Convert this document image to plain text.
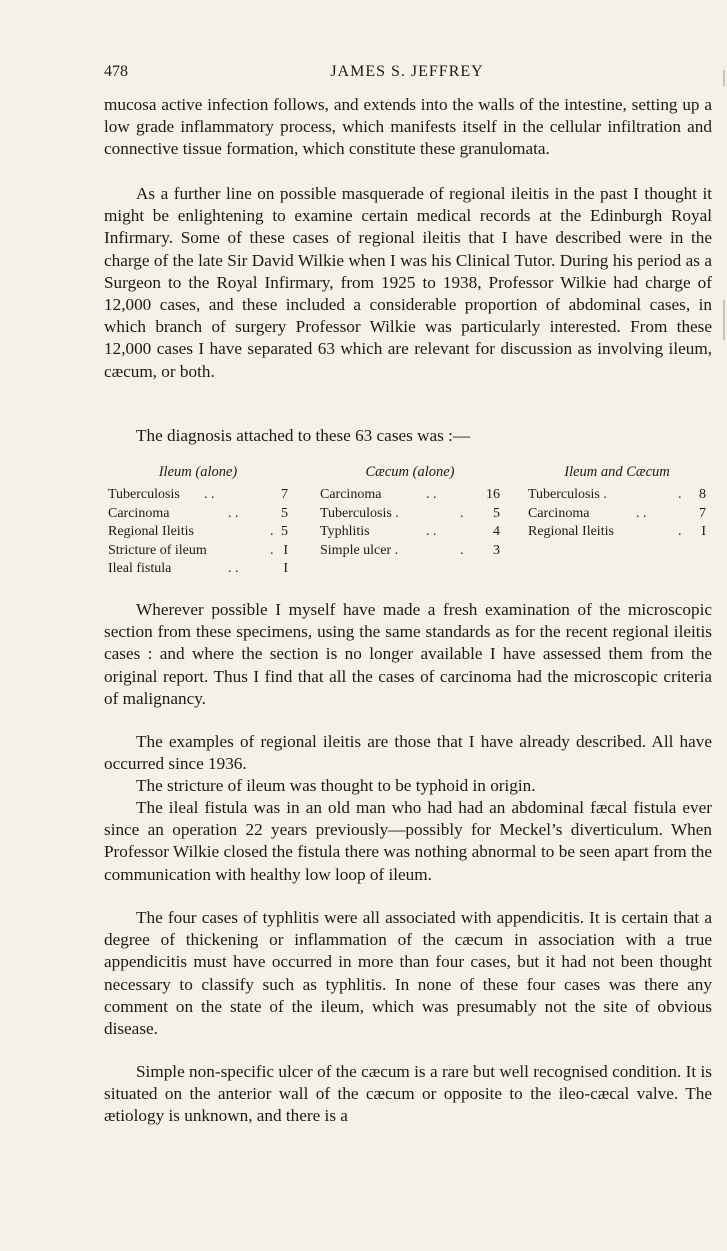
478	JAMES S. JEFFREY

mucosa active infection follows, and extends into the walls of the intestine, setting up a low grade inflammatory process, which manifests itself in the cellular infiltration and connective tissue formation, which constitute these granulomata.

As a further line on possible masquerade of regional ileitis in the past I thought it might be enlightening to examine certain medical records at the Edinburgh Royal Infirmary. Some of these cases of regional ileitis that I have described were in the charge of the late Sir David Wilkie when I was his Clinical Tutor. During his period as a Surgeon to the Royal Infirmary, from 1925 to 1938, Professor Wilkie had charge of 12,000 cases, and these included a considerable proportion of abdominal cases, in which branch of surgery Professor Wilkie was particularly interested. From these 12,000 cases I have separated 63 which are relevant for discussion as involving ileum, cæcum, or both.

The diagnosis attached to these 63 cases was :—

Ileum (alone)
Tuberculosis . .	7
Carcinoma	. .	5
Regional Ileitis	. 5
Stricture of ileum	. I
Ileal fistula	. .	I
Cæcum (alone)
Carcinoma	. .	16
Tuberculosis .	. 5
Typhlitis	. .	4
Simple ulcer .	. 3
Ileum and Cæcum
Tuberculosis .	. 8
Carcinoma	. .	7
Regional Ileitis	. I

Wherever possible I myself have made a fresh examination of the microscopic section from these specimens, using the same standards as for the recent regional ileitis cases : and where the section is no longer available I have assessed them from the original report. Thus I find that all the cases of carcinoma had the microscopic criteria of malignancy.

The examples of regional ileitis are those that I have already described. All have occurred since 1936.

The stricture of ileum was thought to be typhoid in origin.

The ileal fistula was in an old man who had had an abdominal fæcal fistula ever since an operation 22 years previously—possibly for Meckel’s diverticulum. When Professor Wilkie closed the fistula there was nothing abnormal to be seen apart from the communication with healthy low loop of ileum.

The four cases of typhlitis were all associated with appendicitis. It is certain that a degree of thickening or inflammation of the cæcum in association with a true appendicitis must have occurred in more than four cases, but it had not been thought necessary to classify such as typhlitis. In none of these four cases was there any comment on the state of the ileum, which was presumably not the site of obvious disease.

Simple non-specific ulcer of the cæcum is a rare but well recognised condition. It is situated on the anterior wall of the cæcum or opposite to the ileo-cæcal valve. The ætiology is unknown, and there is a
